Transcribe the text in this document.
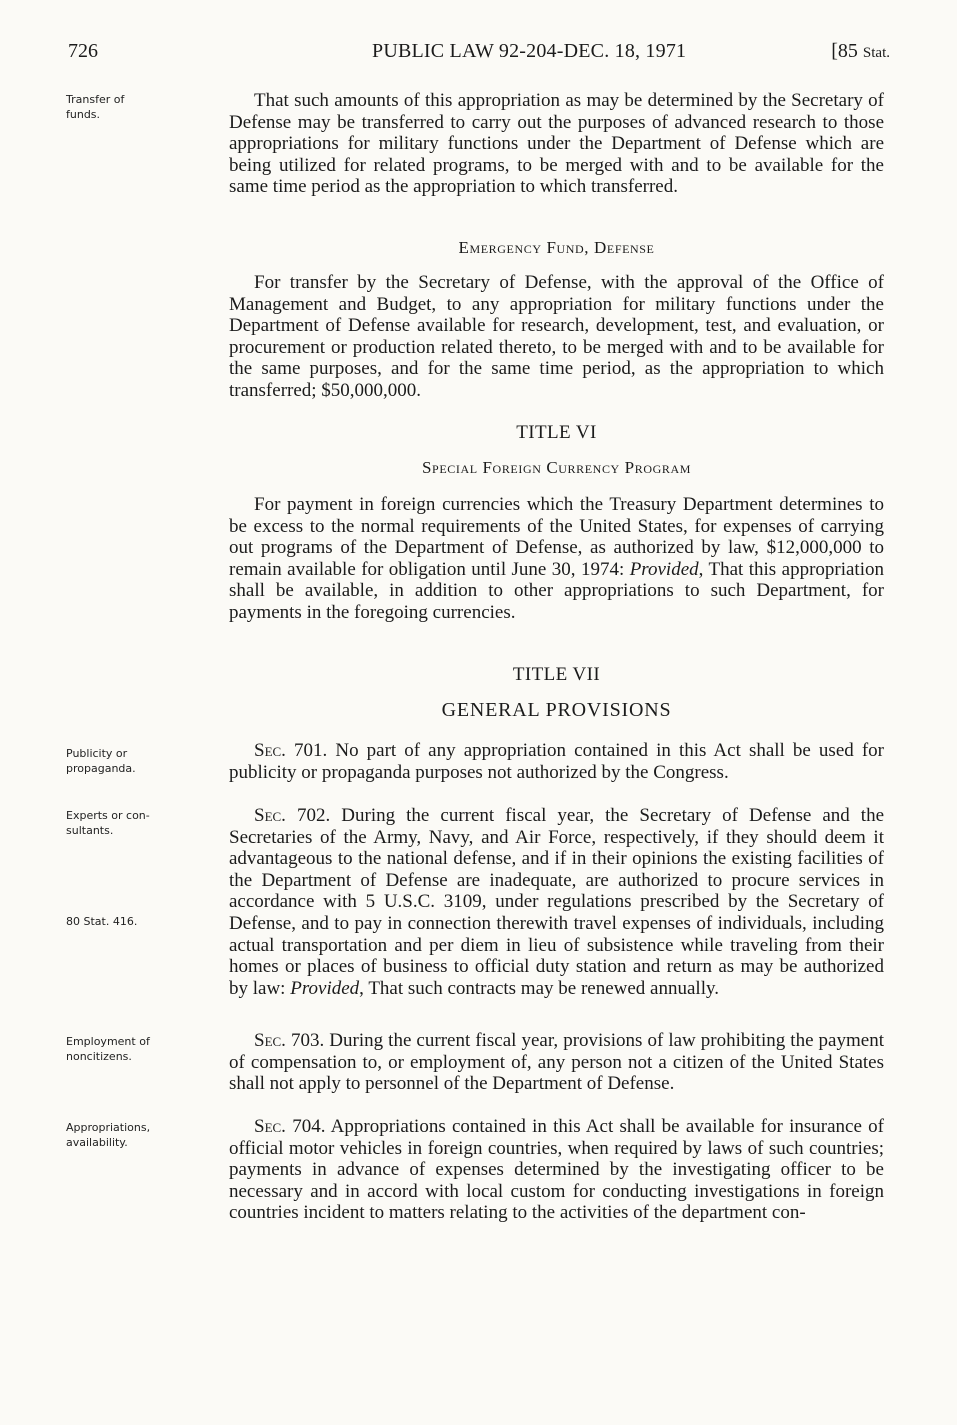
726	PUBLIC LAW 92-204-DEC. 18, 1971	[85 Stat.
Transfer of
funds.
Publicity or
propaganda.
Experts or con-
sultants.
80 Stat. 416.
Employment of
noncitizens.
Appropriations,
availability.

That such amounts of this appropriation as may be determined by the Secretary of Defense may be transferred to carry out the purposes of advanced research to those appropriations for military functions under the Department of Defense which are being utilized for related programs, to be merged with and to be available for the same time period as the appropriation to which transferred.

Emergency Fund, Defense

For transfer by the Secretary of Defense, with the approval of the Office of Management and Budget, to any appropriation for military functions under the Department of Defense available for research, development, test, and evaluation, or procurement or production related thereto, to be merged with and to be available for the same purposes, and for the same time period, as the appropriation to which transferred; $50,000,000.

TITLE VI
Special Foreign Currency Program

For payment in foreign currencies which the Treasury Department determines to be excess to the normal requirements of the United States, for expenses of carrying out programs of the Department of Defense, as authorized by law, $12,000,000 to remain available for obligation until June 30, 1974: Provided, That this appropriation shall be available, in addition to other appropriations to such Department, for payments in the foregoing currencies.

TITLE VII
GENERAL PROVISIONS

Sec. 701. No part of any appropriation contained in this Act shall be used for publicity or propaganda purposes not authorized by the Congress.

Sec. 702. During the current fiscal year, the Secretary of Defense and the Secretaries of the Army, Navy, and Air Force, respectively, if they should deem it advantageous to the national defense, and if in their opinions the existing facilities of the Department of Defense are inadequate, are authorized to procure services in accordance with 5 U.S.C. 3109, under regulations prescribed by the Secretary of Defense, and to pay in connection therewith travel expenses of individuals, including actual transportation and per diem in lieu of subsistence while traveling from their homes or places of business to official duty station and return as may be authorized by law: Provided, That such contracts may be renewed annually.

Sec. 703. During the current fiscal year, provisions of law prohibiting the payment of compensation to, or employment of, any person not a citizen of the United States shall not apply to personnel of the Department of Defense.

Sec. 704. Appropriations contained in this Act shall be available for insurance of official motor vehicles in foreign countries, when required by laws of such countries; payments in advance of expenses determined by the investigating officer to be necessary and in accord with local custom for conducting investigations in foreign countries incident to matters relating to the activities of the department con-
